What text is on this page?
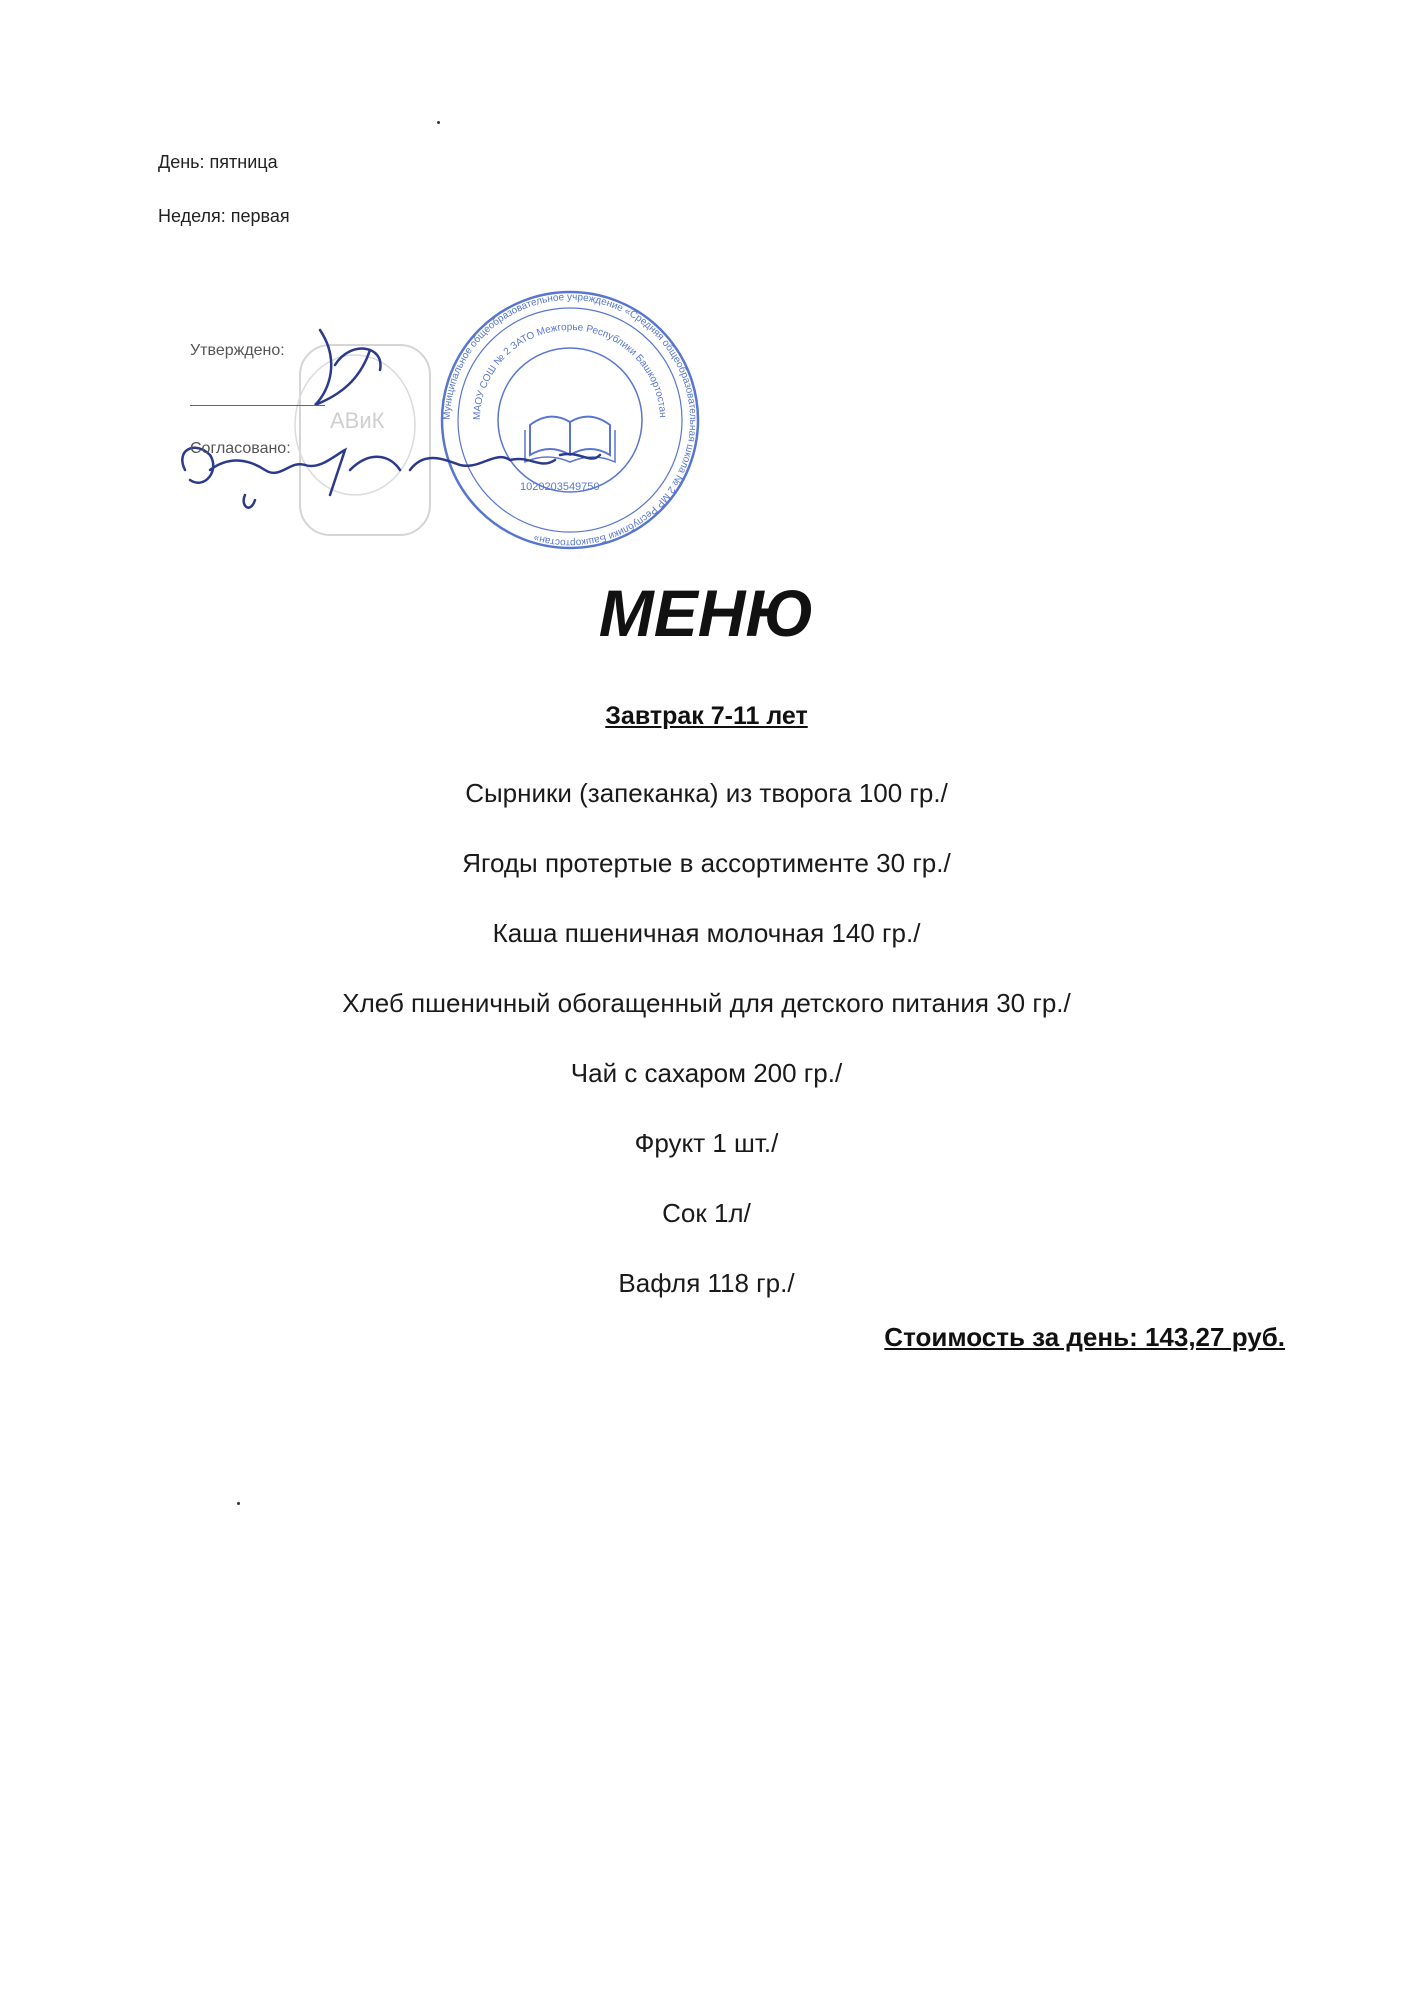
День: пятница
Неделя: первая
АВиК	Муниципальное общеобразовательное учреждение «Средняя общеобразовательная школа № 2 МР Республики Башкортостан»
МАОУ СОШ № 2 ЗАТО Межгорье Республики Башкортостан
1020203549750
Утверждено:
Согласовано:
МЕНЮ
Завтрак 7-11 лет
Сырники (запеканка) из творога 100 гр./
Ягоды протертые в ассортименте 30 гр./
Каша пшеничная молочная 140 гр./
Хлеб пшеничный обогащенный для детского питания 30 гр./
Чай с сахаром 200 гр./
Фрукт 1 шт./
Сок 1л/
Вафля 118 гр./
Стоимость за день: 143,27 руб.
